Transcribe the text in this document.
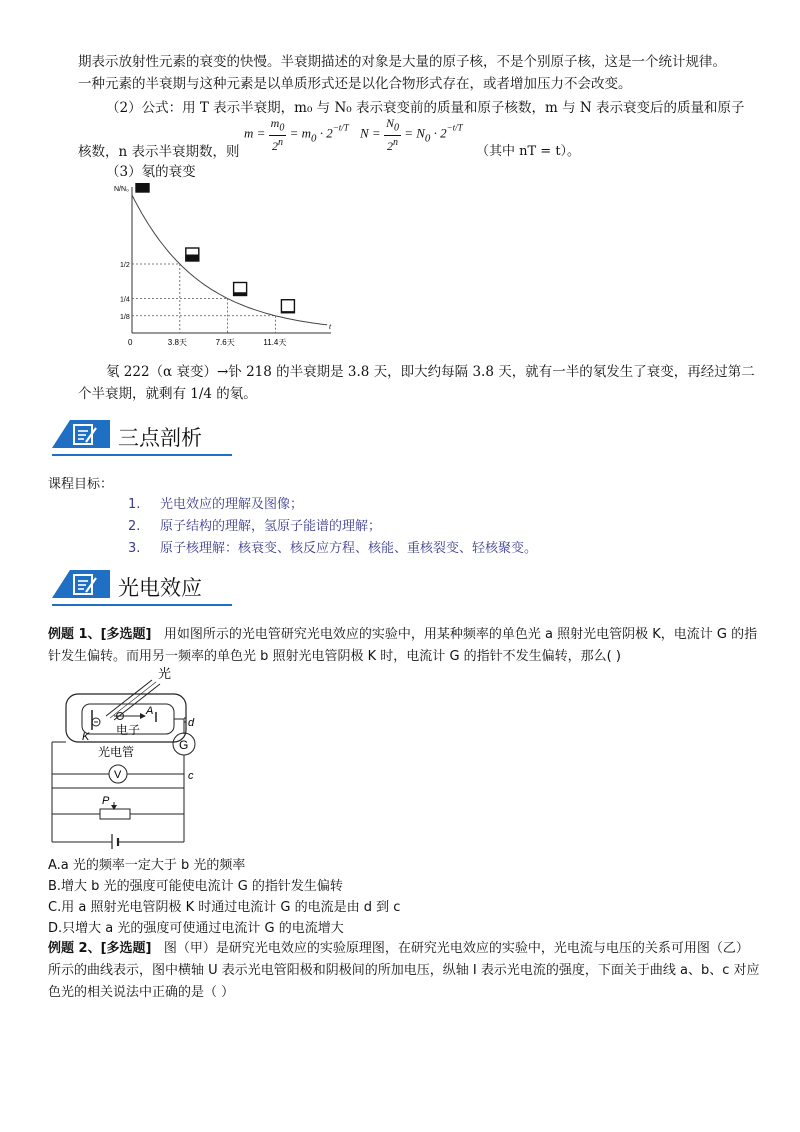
期表示放射性元素的衰变的快慢。半衰期描述的对象是大量的原子核，不是个别原子核，这是一个统计规律。
一种元素的半衰期与这种元素是以单质形式还是以化合物形式存在，或者增加压力不会改变。
（2）公式：用 T 表示半衰期，m₀ 与 N₀ 表示衰变前的质量和原子核数，m 与 N 表示衰变后的质量和原子
核数，n 表示半衰期数，则
$m = \frac{m_0}{2^n} = m_0 \cdot 2^{-t/T}$ $N = \frac{N_0}{2^n} = N_0 \cdot 2^{-t/T}$
（其中 nT = t）。
（3）氡的衰变
N/N₀
t
0	3.8天
1/2
7.6天
1/4
11.4天
1/8
氡 222（α 衰变）→钋 218 的半衰期是 3.8 天，即大约每隔 3.8 天，就有一半的氡发生了衰变，再经过第二
个半衰期，就剩有 1/4 的氡。
三点剖析
课程目标：
1. 光电效应的理解及图像；
2. 原子结构的理解，氢原子能谱的理解；
3. 原子核理解：核衰变、核反应方程、核能、重核裂变、轻核聚变。
光电效应
例题 1、[多选题] 用如图所示的光电管研究光电效应的实验中，用某种频率的单色光 a 照射光电管阴极 K，电流计 G 的指针发生偏转。而用另一频率的单色光 b 照射光电管阴极 K 时，电流计 G 的指针不发生偏转，那么( )
光
A
K 电子
光电管
d
G
c
V
P
A.a 光的频率一定大于 b 光的频率
B.增大 b 光的强度可能使电流计 G 的指针发生偏转
C.用 a 照射光电管阴极 K 时通过电流计 G 的电流是由 d 到 c
D.只增大 a 光的强度可使通过电流计 G 的电流增大
例题 2、[多选题] 图（甲）是研究光电效应的实验原理图，在研究光电效应的实验中，光电流与电压的关系可用图（乙）所示的曲线表示，图中横轴 U 表示光电管阳极和阴极间的所加电压，纵轴 I 表示光电流的强度，下面关于曲线 a、b、c 对应色光的相关说法中正确的是（ ）
